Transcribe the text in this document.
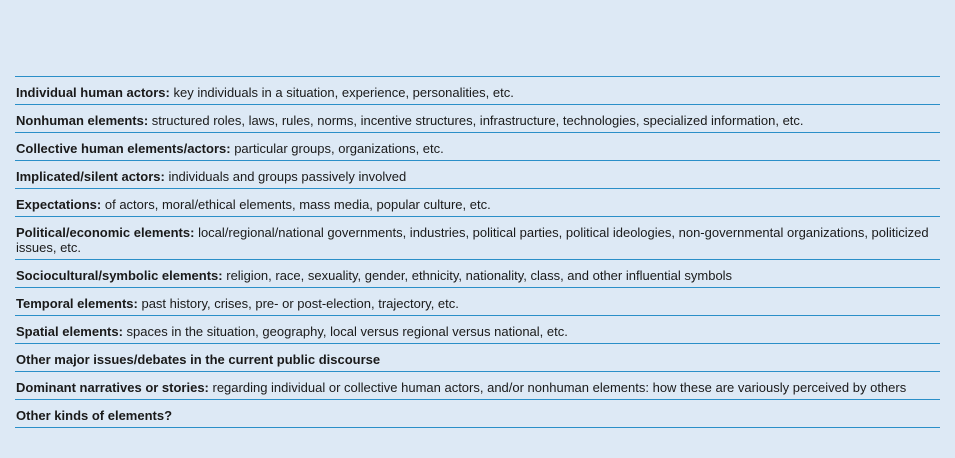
Individual human actors: key individuals in a situation, experience, personalities, etc.
Nonhuman elements: structured roles, laws, rules, norms, incentive structures, infrastructure, technologies, specialized information, etc.
Collective human elements/actors: particular groups, organizations, etc.
Implicated/silent actors: individuals and groups passively involved
Expectations: of actors, moral/ethical elements, mass media, popular culture, etc.
Political/economic elements: local/regional/national governments, industries, political parties, political ideologies, non-governmental organizations, politicized issues, etc.
Sociocultural/symbolic elements: religion, race, sexuality, gender, ethnicity, nationality, class, and other influential symbols
Temporal elements: past history, crises, pre- or post-election, trajectory, etc.
Spatial elements: spaces in the situation, geography, local versus regional versus national, etc.
Other major issues/debates in the current public discourse
Dominant narratives or stories: regarding individual or collective human actors, and/or nonhuman elements: how these are variously perceived by others
Other kinds of elements?
